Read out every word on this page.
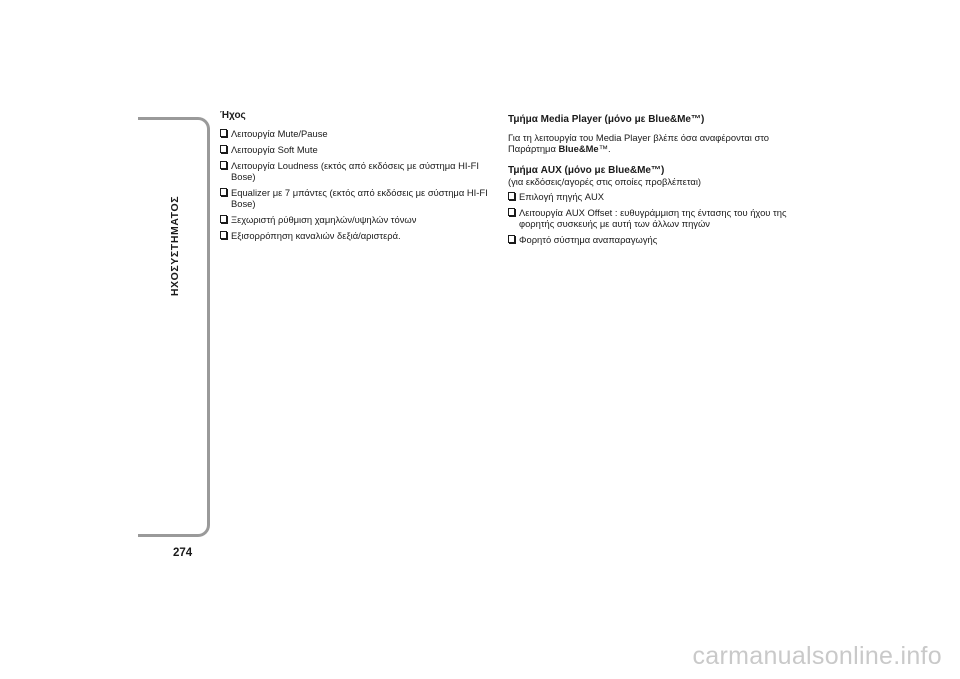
ΗΧΟΣΥΣΤΗΜΑΤΟΣ
274
Ήχος
Λειτουργία Mute/Pause
Λειτουργία Soft Mute
Λειτουργία Loudness (εκτός από εκδόσεις με σύστημα HI-FI Bose)
Equalizer με 7 μπάντες (εκτός από εκδόσεις με σύστημα HI-FI Bose)
Ξεχωριστή ρύθμιση χαμηλών/υψηλών τόνων
Εξισορρόπηση καναλιών δεξιά/αριστερά.
Τμήμα Media Player (μόνο με Blue&Me™)

Για τη λειτουργία του Media Player βλέπε όσα αναφέρονται στο Παράρτημα Blue&Me™.

Τμήμα AUX (μόνο με Blue&Me™)
(για εκδόσεις/αγορές στις οποίες προβλέπεται)
Επιλογή πηγής AUX
Λειτουργία AUX Offset : ευθυγράμμιση της έντασης του ήχου της φορητής συσκευής με αυτή των άλλων πηγών
Φορητό σύστημα αναπαραγωγής
carmanualsonline.info
